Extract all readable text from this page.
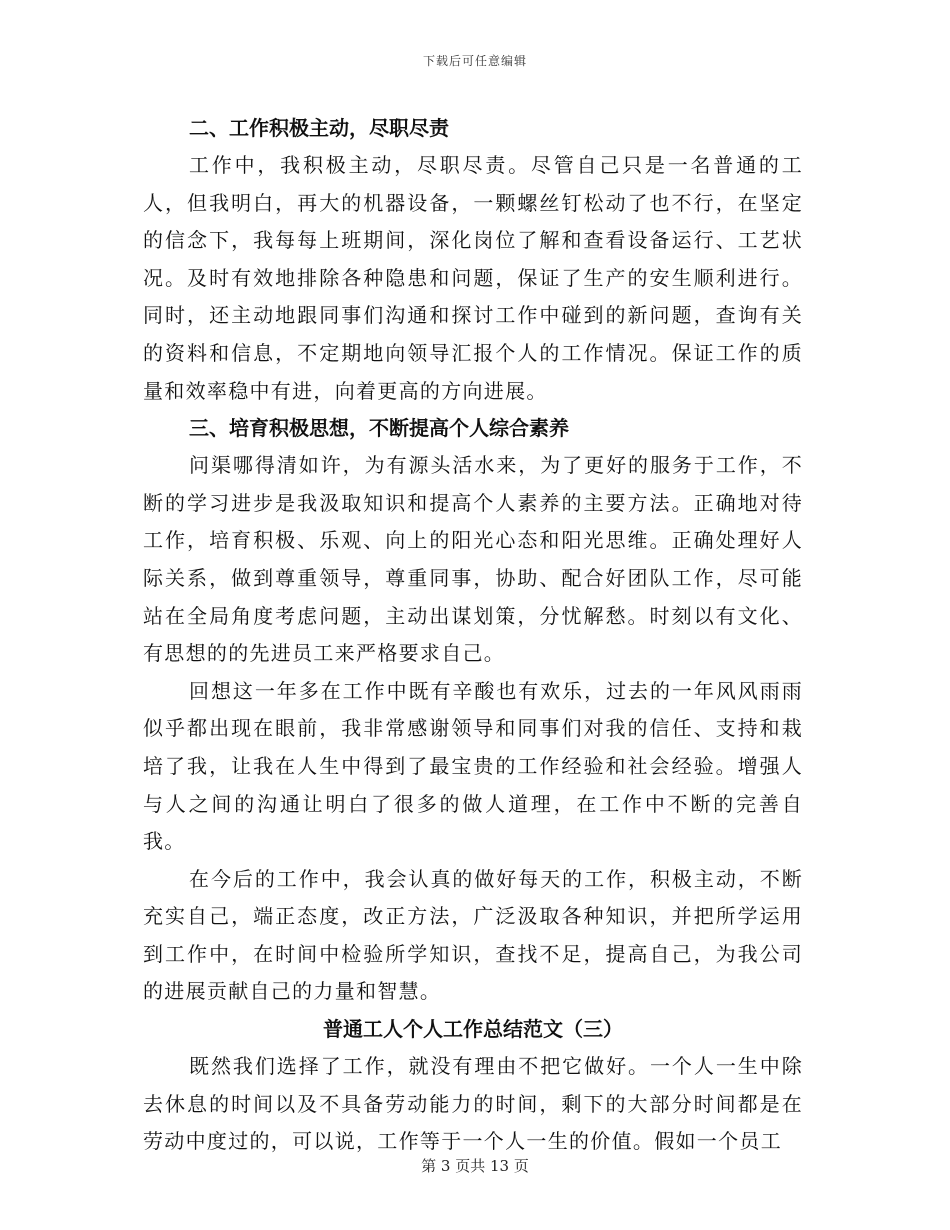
下载后可任意编辑
二、工作积极主动，尽职尽责

工作中，我积极主动，尽职尽责。尽管自己只是一名普通的工人，但我明白，再大的机器设备，一颗螺丝钉松动了也不行，在坚定的信念下，我每每上班期间，深化岗位了解和查看设备运行、工艺状况。及时有效地排除各种隐患和问题，保证了生产的安生顺利进行。同时，还主动地跟同事们沟通和探讨工作中碰到的新问题，查询有关的资料和信息，不定期地向领导汇报个人的工作情况。保证工作的质量和效率稳中有进，向着更高的方向进展。

三、培育积极思想，不断提高个人综合素养

问渠哪得清如许，为有源头活水来，为了更好的服务于工作，不断的学习进步是我汲取知识和提高个人素养的主要方法。正确地对待工作，培育积极、乐观、向上的阳光心态和阳光思维。正确处理好人际关系，做到尊重领导，尊重同事，协助、配合好团队工作，尽可能站在全局角度考虑问题，主动出谋划策，分忧解愁。时刻以有文化、有思想的的先进员工来严格要求自己。

回想这一年多在工作中既有辛酸也有欢乐，过去的一年风风雨雨似乎都出现在眼前，我非常感谢领导和同事们对我的信任、支持和栽培了我，让我在人生中得到了最宝贵的工作经验和社会经验。增强人与人之间的沟通让明白了很多的做人道理，在工作中不断的完善自我。

在今后的工作中，我会认真的做好每天的工作，积极主动，不断充实自己，端正态度，改正方法，广泛汲取各种知识，并把所学运用到工作中，在时间中检验所学知识，查找不足，提高自己，为我公司的进展贡献自己的力量和智慧。

普通工人个人工作总结范文（三）

既然我们选择了工作，就没有理由不把它做好。一个人一生中除去休息的时间以及不具备劳动能力的时间，剩下的大部分时间都是在劳动中度过的，可以说，工作等于一个人一生的价值。假如一个员工

第 3 页共 13 页
